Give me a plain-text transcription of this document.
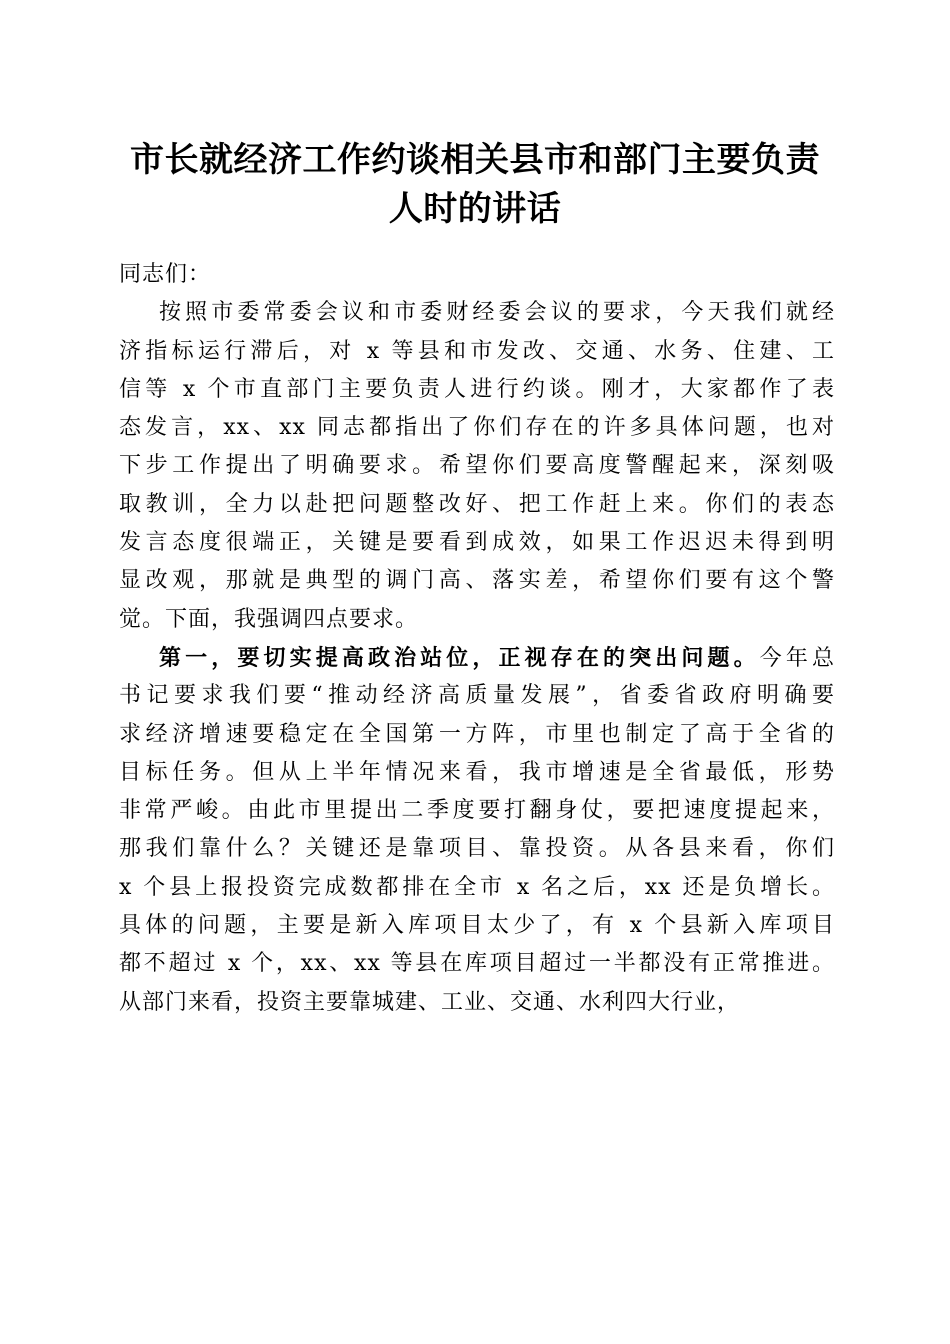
市长就经济工作约谈相关县市和部门主要负责
人时的讲话
同志们：
按照市委常委会议和市委财经委会议的要求，今天我们就经
济指标运行滞后，对 x 等县和市发改、交通、水务、住建、工
信等 x 个市直部门主要负责人进行约谈。刚才，大家都作了表
态发言，xx、xx 同志都指出了你们存在的许多具体问题，也对
下步工作提出了明确要求。希望你们要高度警醒起来，深刻吸
取教训，全力以赴把问题整改好、把工作赶上来。你们的表态
发言态度很端正，关键是要看到成效，如果工作迟迟未得到明
显改观，那就是典型的调门高、落实差，希望你们要有这个警
觉。下面，我强调四点要求。
第一，要切实提高政治站位，正视存在的突出问题。今年总
书记要求我们要“推动经济高质量发展”，省委省政府明确要
求经济增速要稳定在全国第一方阵，市里也制定了高于全省的
目标任务。但从上半年情况来看，我市增速是全省最低，形势
非常严峻。由此市里提出二季度要打翻身仗，要把速度提起来，
那我们靠什么？关键还是靠项目、靠投资。从各县来看，你们
x 个县上报投资完成数都排在全市 x 名之后，xx 还是负增长。
具体的问题，主要是新入库项目太少了，有 x 个县新入库项目
都不超过 x 个，xx、xx 等县在库项目超过一半都没有正常推进。
从部门来看，投资主要靠城建、工业、交通、水利四大行业，
